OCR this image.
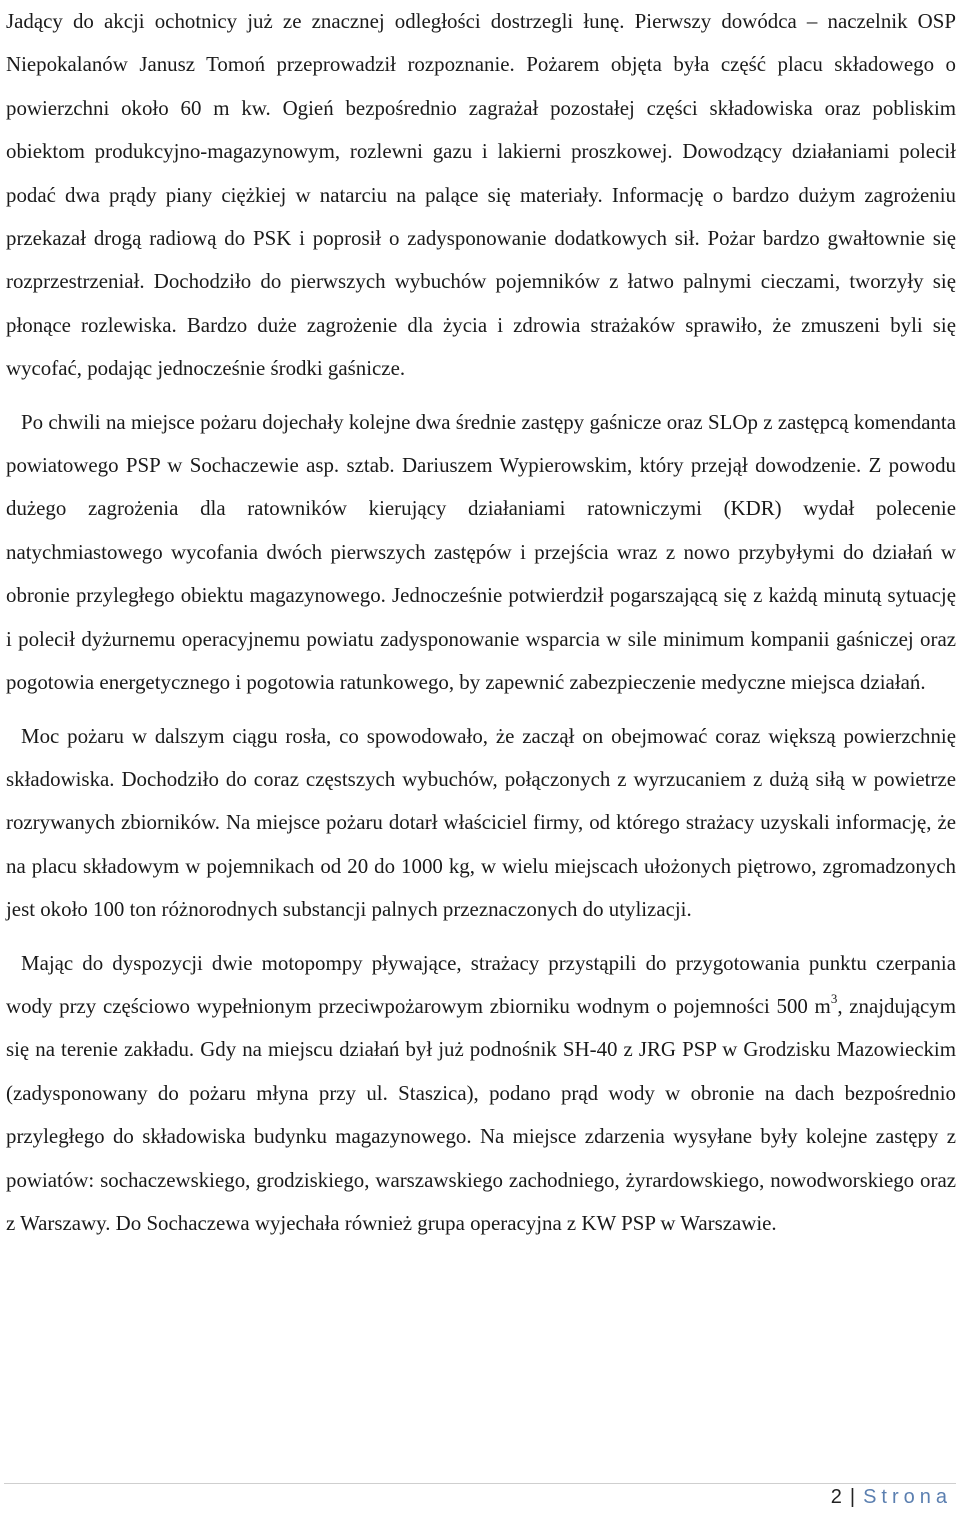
Jadący do akcji ochotnicy już ze znacznej odległości dostrzegli łunę. Pierwszy dowódca – naczelnik OSP Niepokalanów Janusz Tomoń przeprowadził rozpoznanie. Pożarem objęta była część placu składowego o powierzchni około 60 m kw. Ogień bezpośrednio zagrażał pozostałej części składowiska oraz pobliskim obiektom produkcyjno-magazynowym, rozlewni gazu i lakierni proszkowej. Dowodzący działaniami polecił podać dwa prądy piany ciężkiej w natarciu na palące się materiały. Informację o bardzo dużym zagrożeniu przekazał drogą radiową do PSK i poprosił o zadysponowanie dodatkowych sił. Pożar bardzo gwałtownie się rozprzestrzeniał. Dochodziło do pierwszych wybuchów pojemników z łatwo palnymi cieczami, tworzyły się płonące rozlewiska. Bardzo duże zagrożenie dla życia i zdrowia strażaków sprawiło, że zmuszeni byli się wycofać, podając jednocześnie środki gaśnicze.

Po chwili na miejsce pożaru dojechały kolejne dwa średnie zastępy gaśnicze oraz SLOp z zastępcą komendanta powiatowego PSP w Sochaczewie asp. sztab. Dariuszem Wypierowskim, który przejął dowodzenie. Z powodu dużego zagrożenia dla ratowników kierujący działaniami ratowniczymi (KDR) wydał polecenie natychmiastowego wycofania dwóch pierwszych zastępów i przejścia wraz z nowo przybyłymi do działań w obronie przyległego obiektu magazynowego. Jednocześnie potwierdził pogarszającą się z każdą minutą sytuację i polecił dyżurnemu operacyjnemu powiatu zadysponowanie wsparcia w sile minimum kompanii gaśniczej oraz pogotowia energetycznego i pogotowia ratunkowego, by zapewnić zabezpieczenie medyczne miejsca działań.

Moc pożaru w dalszym ciągu rosła, co spowodowało, że zaczął on obejmować coraz większą powierzchnię składowiska. Dochodziło do coraz częstszych wybuchów, połączonych z wyrzucaniem z dużą siłą w powietrze rozrywanych zbiorników. Na miejsce pożaru dotarł właściciel firmy, od którego strażacy uzyskali informację, że na placu składowym w pojemnikach od 20 do 1000 kg, w wielu miejscach ułożonych piętrowo, zgromadzonych jest około 100 ton różnorodnych substancji palnych przeznaczonych do utylizacji.

Mając do dyspozycji dwie motopompy pływające, strażacy przystąpili do przygotowania punktu czerpania wody przy częściowo wypełnionym przeciwpożarowym zbiorniku wodnym o pojemności 500 $m^3$, znajdującym się na terenie zakładu. Gdy na miejscu działań był już podnośnik SH-40 z JRG PSP w Grodzisku Mazowieckim (zadysponowany do pożaru młyna przy ul. Staszica), podano prąd wody w obronie na dach bezpośrednio przyległego do składowiska budynku magazynowego. Na miejsce zdarzenia wysyłane były kolejne zastępy z powiatów: sochaczewskiego, grodziskiego, warszawskiego zachodniego, żyrardowskiego, nowodworskiego oraz z Warszawy. Do Sochaczewa wyjechała również grupa operacyjna z KW PSP w Warszawie.

2 | Strona
